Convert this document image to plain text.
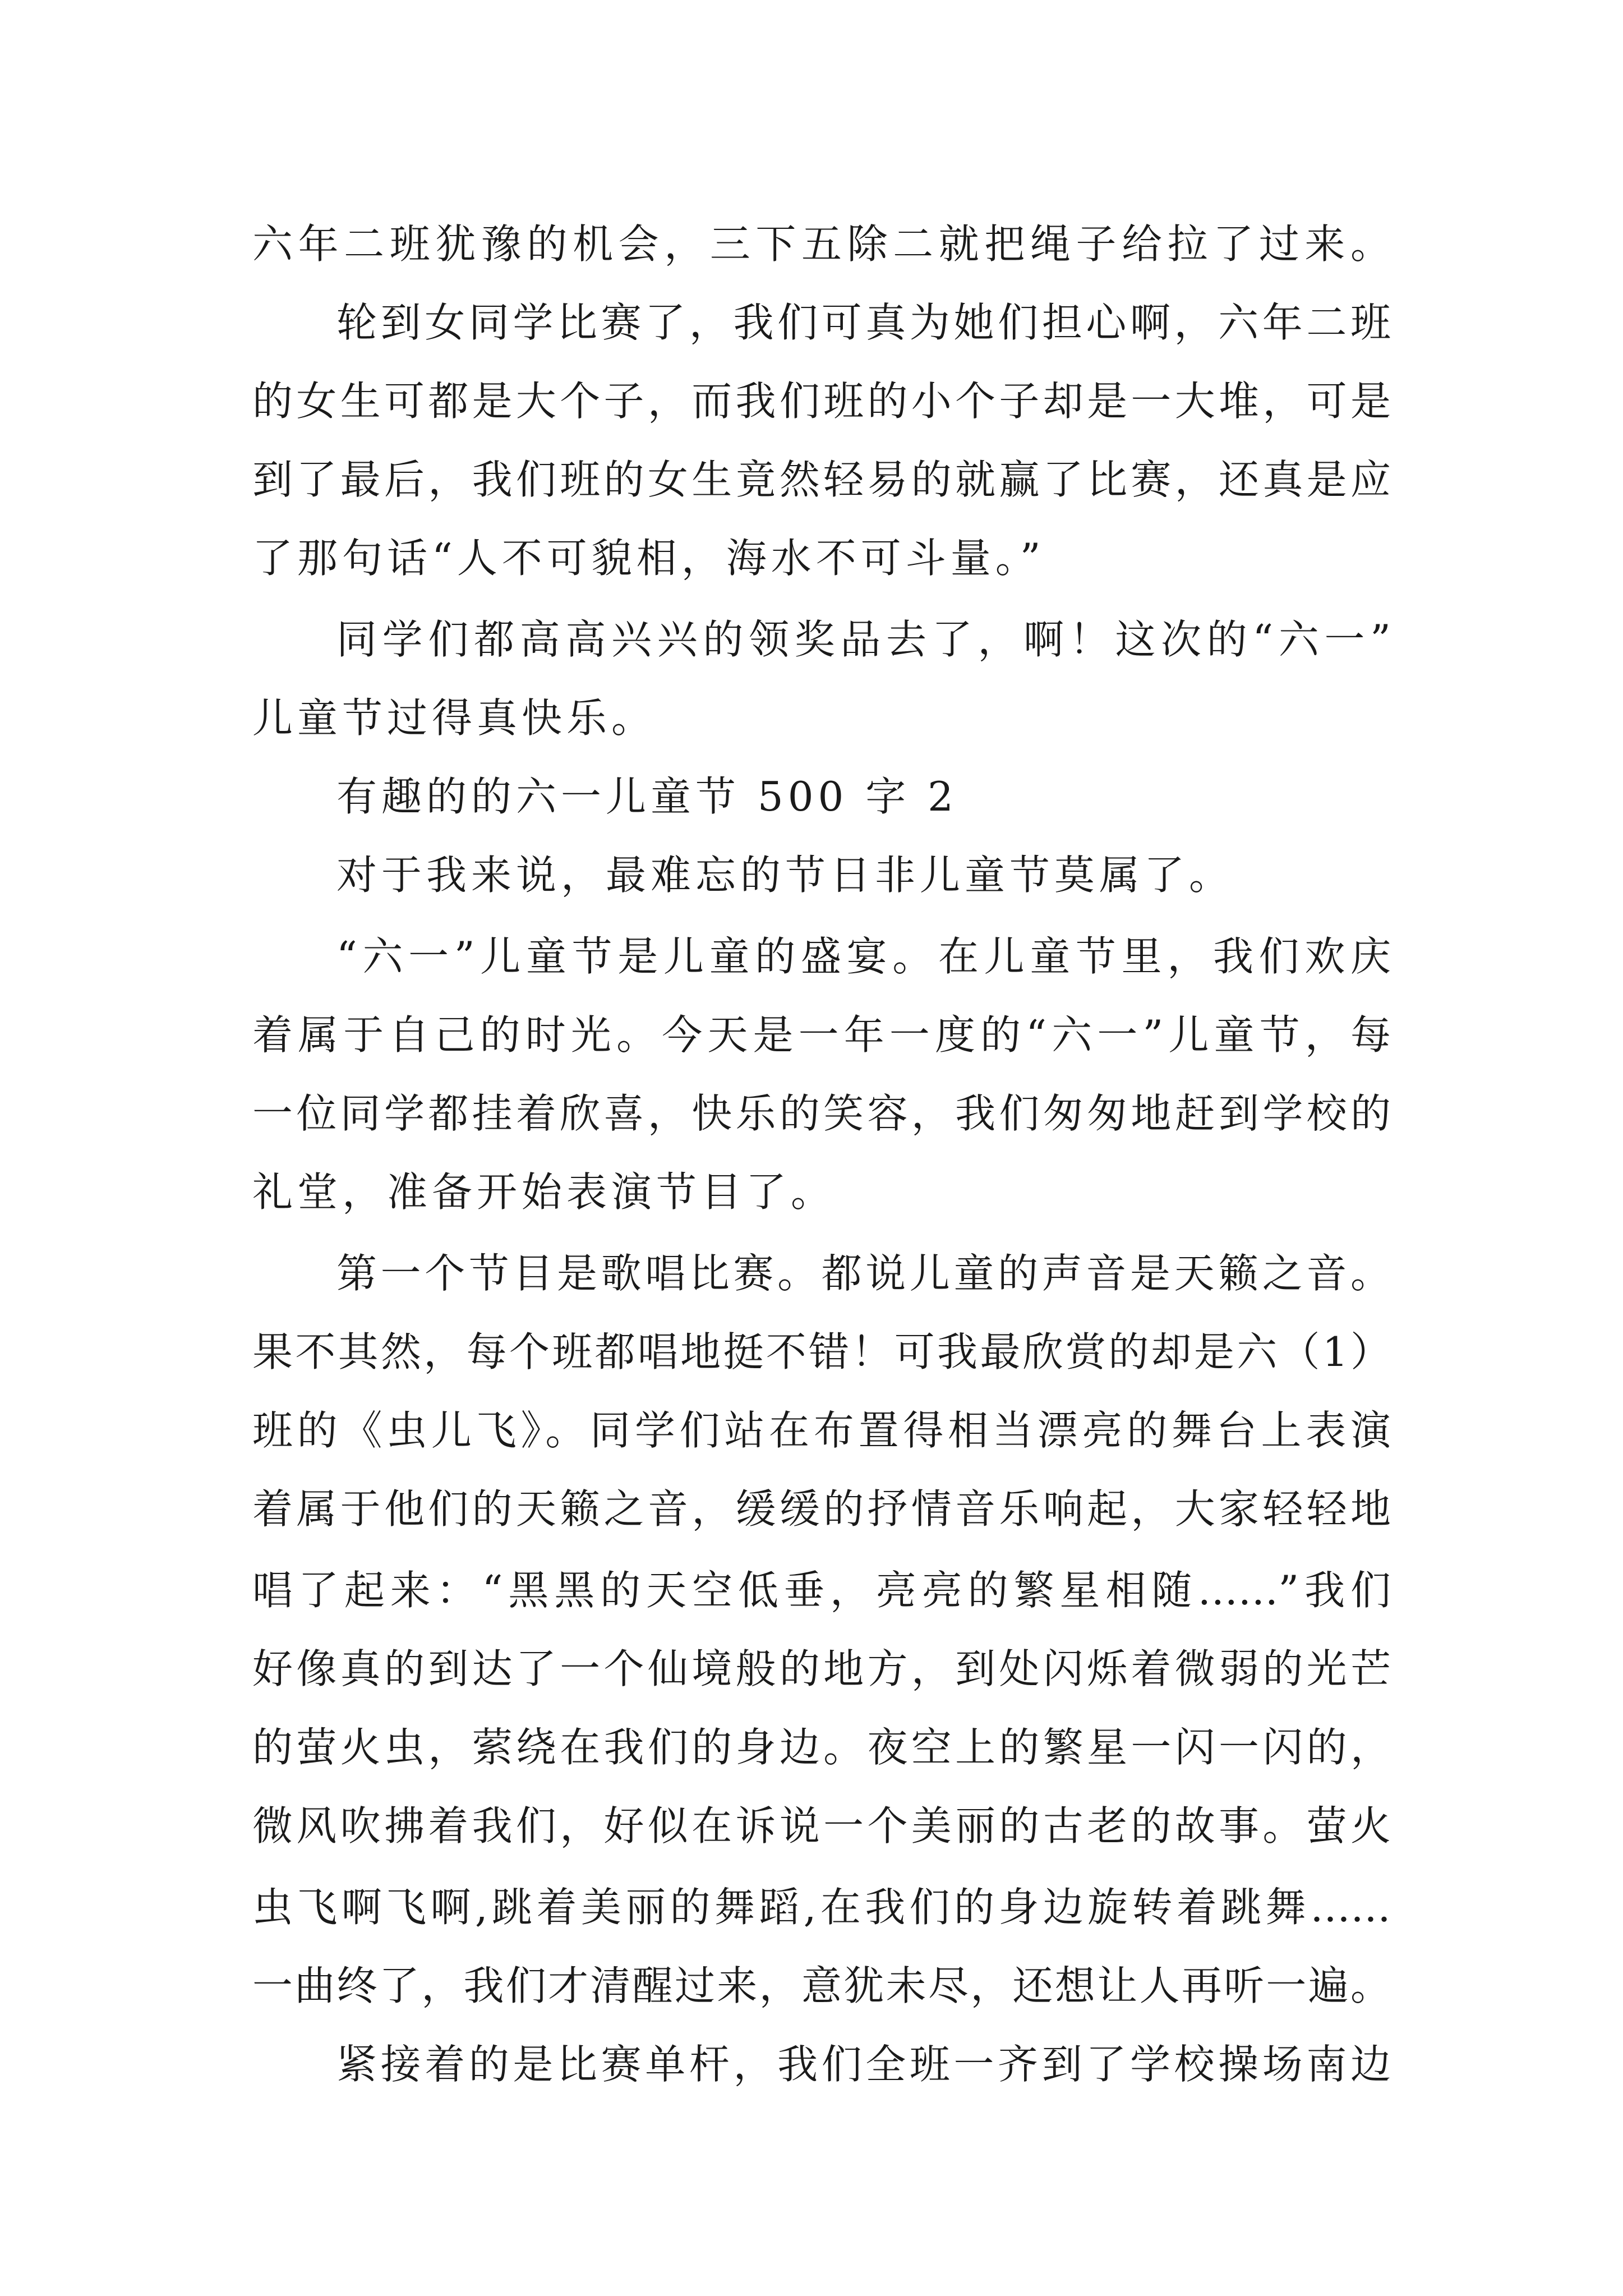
六年二班犹豫的机会，三下五除二就把绳子给拉了过来。
轮到女同学比赛了，我们可真为她们担心啊，六年二班
的女生可都是大个子，而我们班的小个子却是一大堆，可是
到了最后，我们班的女生竟然轻易的就赢了比赛，还真是应
了那句话“人不可貌相，海水不可斗量。”
同学们都高高兴兴的领奖品去了，啊！这次的“六一”
儿童节过得真快乐。
有趣的的六一儿童节 500 字 2
对于我来说，最难忘的节日非儿童节莫属了。
“六一”儿童节是儿童的盛宴。在儿童节里，我们欢庆
着属于自己的时光。今天是一年一度的“六一”儿童节，每
一位同学都挂着欣喜，快乐的笑容，我们匆匆地赶到学校的
礼堂，准备开始表演节目了。
第一个节目是歌唱比赛。都说儿童的声音是天籁之音。
果不其然，每个班都唱地挺不错！可我最欣赏的却是六（1）
班的《虫儿飞》。同学们站在布置得相当漂亮的舞台上表演
着属于他们的天籁之音，缓缓的抒情音乐响起，大家轻轻地
唱了起来：“黑黑的天空低垂，亮亮的繁星相随……”我们
好像真的到达了一个仙境般的地方，到处闪烁着微弱的光芒
的萤火虫，萦绕在我们的身边。夜空上的繁星一闪一闪的，
微风吹拂着我们，好似在诉说一个美丽的古老的故事。萤火
虫飞啊飞啊,跳着美丽的舞蹈,在我们的身边旋转着跳舞……
一曲终了，我们才清醒过来，意犹未尽，还想让人再听一遍。
紧接着的是比赛单杆，我们全班一齐到了学校操场南边
